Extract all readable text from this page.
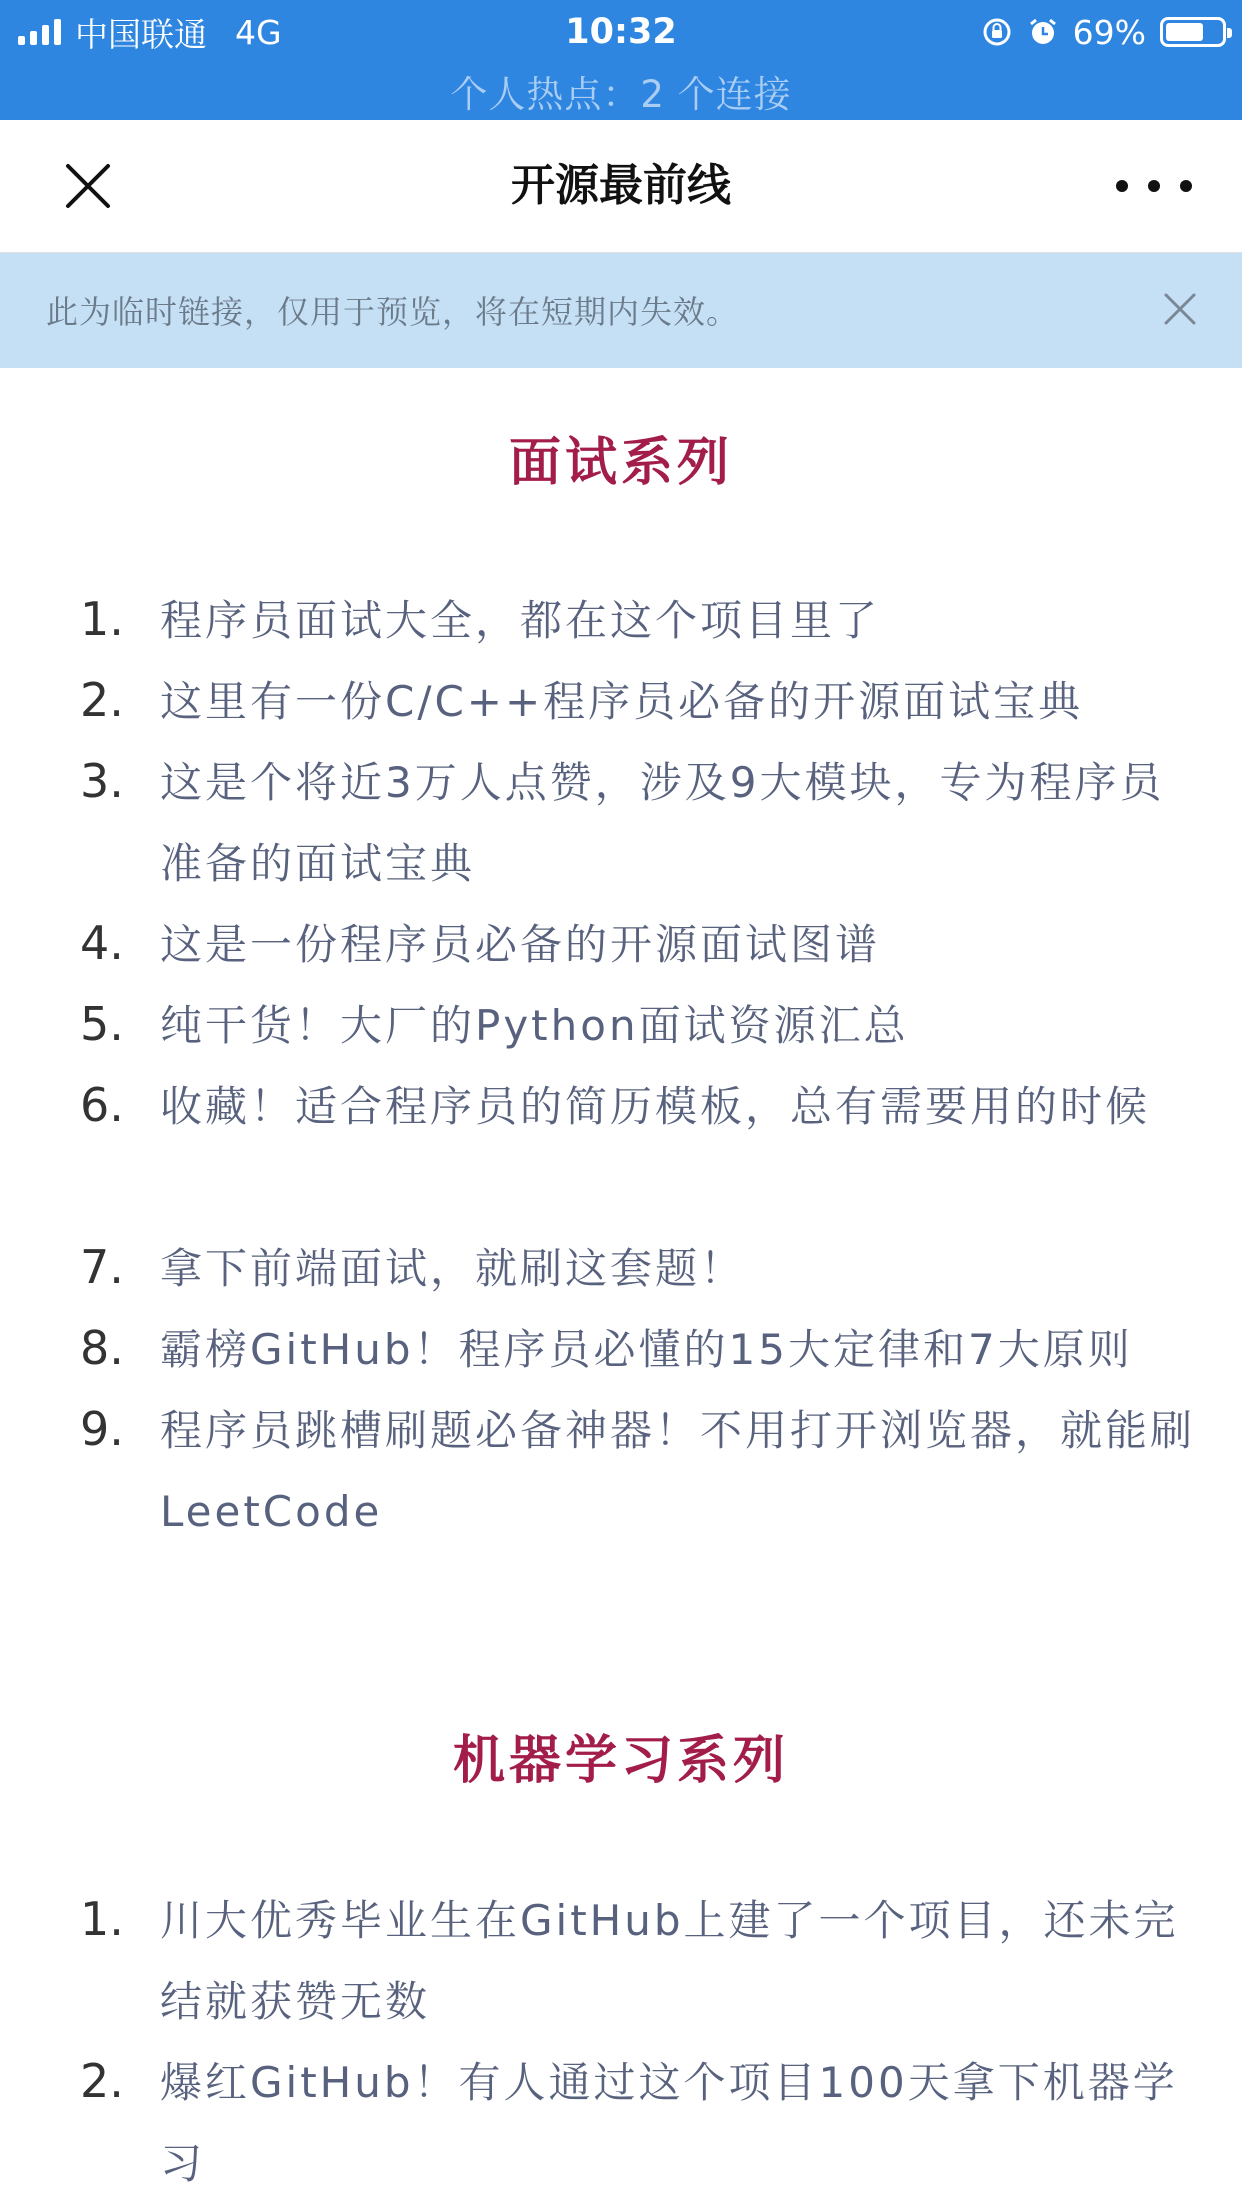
中国联通 4G	10:32	69%
个人热点：2 个连接
开源最前线
此为临时链接，仅用于预览，将在短期内失效。
面试系列
1. 程序员面试大全，都在这个项目里了
2. 这里有一份C/C++程序员必备的开源面试宝典
3. 这是个将近3万人点赞，涉及9大模块，专为程序员准备的面试宝典
4. 这是一份程序员必备的开源面试图谱
5. 纯干货！大厂的Python面试资源汇总
6. 收藏！适合程序员的简历模板，总有需要用的时候
7. 拿下前端面试，就刷这套题！
8. 霸榜GitHub！程序员必懂的15大定律和7大原则
9. 程序员跳槽刷题必备神器！不用打开浏览器，就能刷LeetCode
机器学习系列
1. 川大优秀毕业生在GitHub上建了一个项目，还未完结就获赞无数
2. 爆红GitHub！有人通过这个项目100天拿下机器学习
